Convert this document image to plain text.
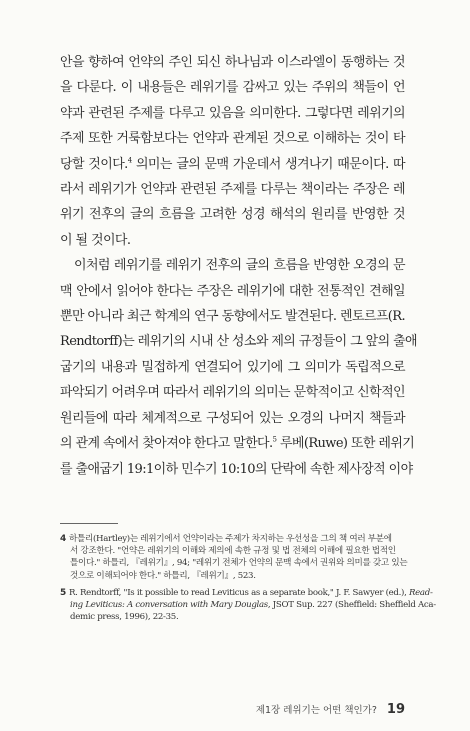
안을 향하여 언약의 주인 되신 하나님과 이스라엘이 동행하는 것
을 다룬다. 이 내용들은 레위기를 감싸고 있는 주위의 책들이 언
약과 관련된 주제를 다루고 있음을 의미한다. 그렇다면 레위기의
주제 또한 거룩함보다는 언약과 관계된 것으로 이해하는 것이 타
당할 것이다.$^4$ 의미는 글의 문맥 가운데서 생겨나기 때문이다. 따
라서 레위기가 언약과 관련된 주제를 다루는 책이라는 주장은 레
위기 전후의 글의 흐름을 고려한 성경 해석의 원리를 반영한 것
이 될 것이다.
이처럼 레위기를 레위기 전후의 글의 흐름을 반영한 오경의 문
맥 안에서 읽어야 한다는 주장은 레위기에 대한 전통적인 견해일
뿐만 아니라 최근 학계의 연구 동향에서도 발견된다. 렌토르프(R.
Rendtorff)는 레위기의 시내 산 성소와 제의 규정들이 그 앞의 출애
굽기의 내용과 밀접하게 연결되어 있기에 그 의미가 독립적으로
파악되기 어려우며 따라서 레위기의 의미는 문학적이고 신학적인
원리들에 따라 체계적으로 구성되어 있는 오경의 나머지 책들과
의 관계 속에서 찾아져야 한다고 말한다.$^5$ 루베(Ruwe) 또한 레위기
를 출애굽기 19:1이하 민수기 10:10의 단락에 속한 제사장적 이야
4 하틀리(Hartley)는 레위기에서 언약이라는 주제가 차지하는 우선성을 그의 책 여러 부분에
서 강조한다. "언약은 레위기의 이해와 제의에 속한 규정 및 법 전체의 이해에 필요한 법적인
틀이다." 하틀리, 『레위기』, 94; "레위기 전체가 언약의 문맥 속에서 권위와 의미를 갖고 있는
것으로 이해되어야 한다." 하틀리, 『레위기』, 523.
5 R. Rendtorff, "Is it possible to read Leviticus as a separate book," J. F. Sawyer (ed.), Read-
ing Leviticus: A conversation with Mary Douglas, JSOT Sup. 227 (Sheffield: Sheffield Aca-
demic press, 1996), 22-35.
제1장 레위기는 어떤 책인가? 19
